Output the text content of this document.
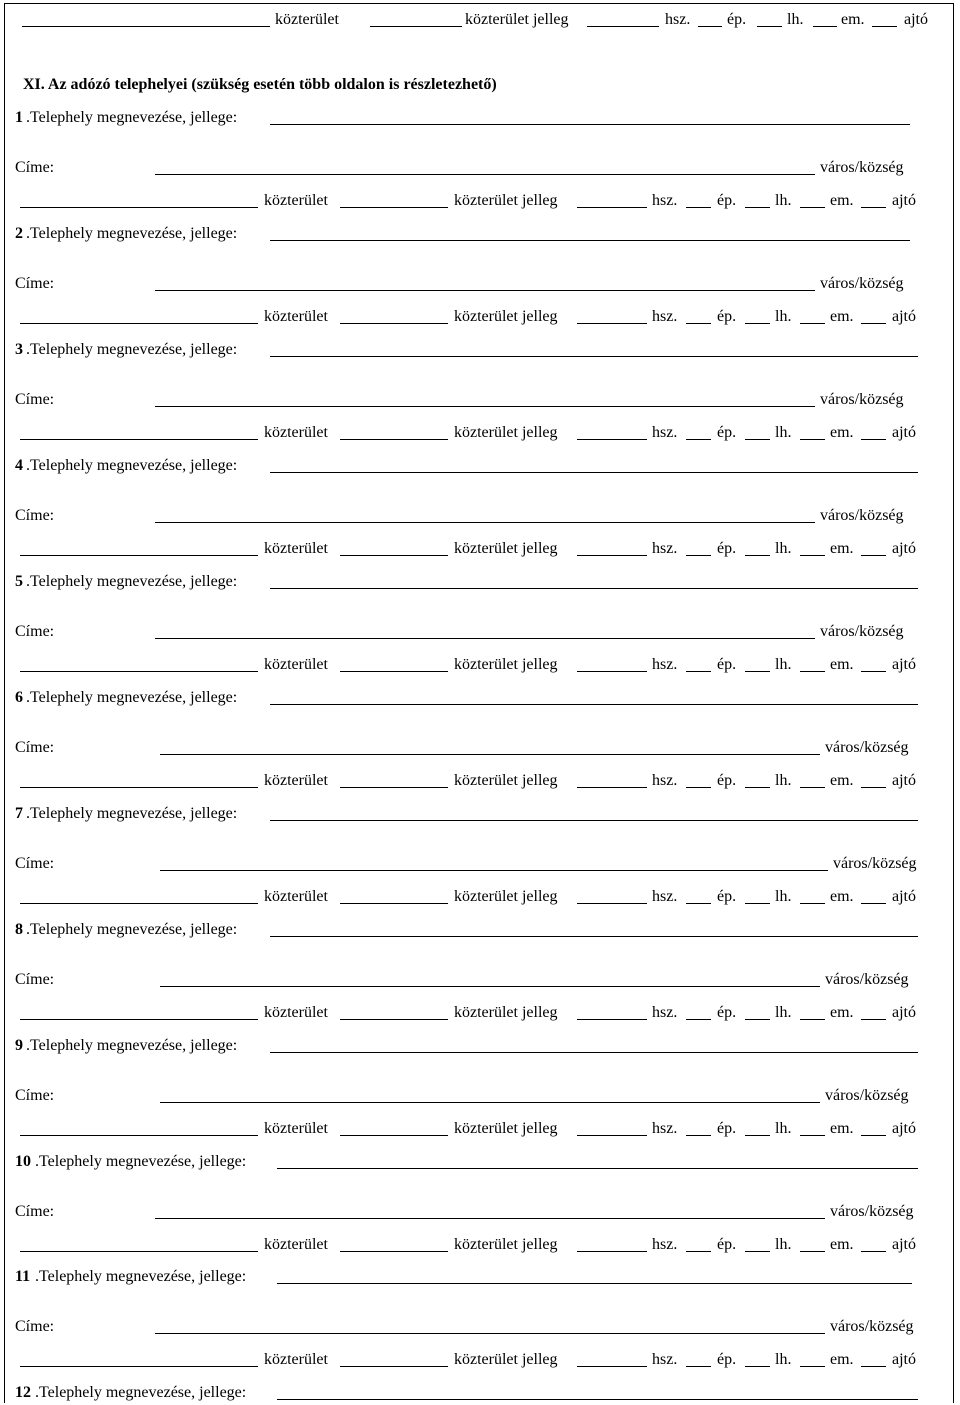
közterület	közterület jelleg	hsz. ép.	lh. em. ajtó
XI. Az adózó telephelyei (szükség esetén több oldalon is részletezhető)
1 .Telephely megnevezése, jellege:
Címe:	város/község
közterület	közterület jelleg	hsz. ép. lh. em. ajtó
2 .Telephely megnevezése, jellege:
Címe:	város/község
közterület	közterület jelleg	hsz. ép. lh. em. ajtó
3 .Telephely megnevezése, jellege:
Címe:	város/község
közterület	közterület jelleg	hsz. ép. lh. em. ajtó
4 .Telephely megnevezése, jellege:
Címe:	város/község
közterület	közterület jelleg	hsz. ép. lh. em. ajtó
5 .Telephely megnevezése, jellege:
Címe:	város/község
közterület	közterület jelleg	hsz. ép. lh. em. ajtó
6 .Telephely megnevezése, jellege:
Címe:	város/község
közterület	közterület jelleg	hsz. ép. lh. em. ajtó
7 .Telephely megnevezése, jellege:
Címe:	város/község
közterület	közterület jelleg	hsz. ép. lh. em. ajtó
8 .Telephely megnevezése, jellege:
Címe:	város/község
közterület	közterület jelleg	hsz. ép. lh. em. ajtó
9 .Telephely megnevezése, jellege:
Címe:	város/község
közterület	közterület jelleg	hsz. ép. lh. em. ajtó
10 .Telephely megnevezése, jellege:
Címe:	város/község
közterület	közterület jelleg	hsz. ép. lh. em. ajtó
11 .Telephely megnevezése, jellege:
Címe:	város/község
közterület	közterület jelleg	hsz. ép. lh. em. ajtó
12 .Telephely megnevezése, jellege:
